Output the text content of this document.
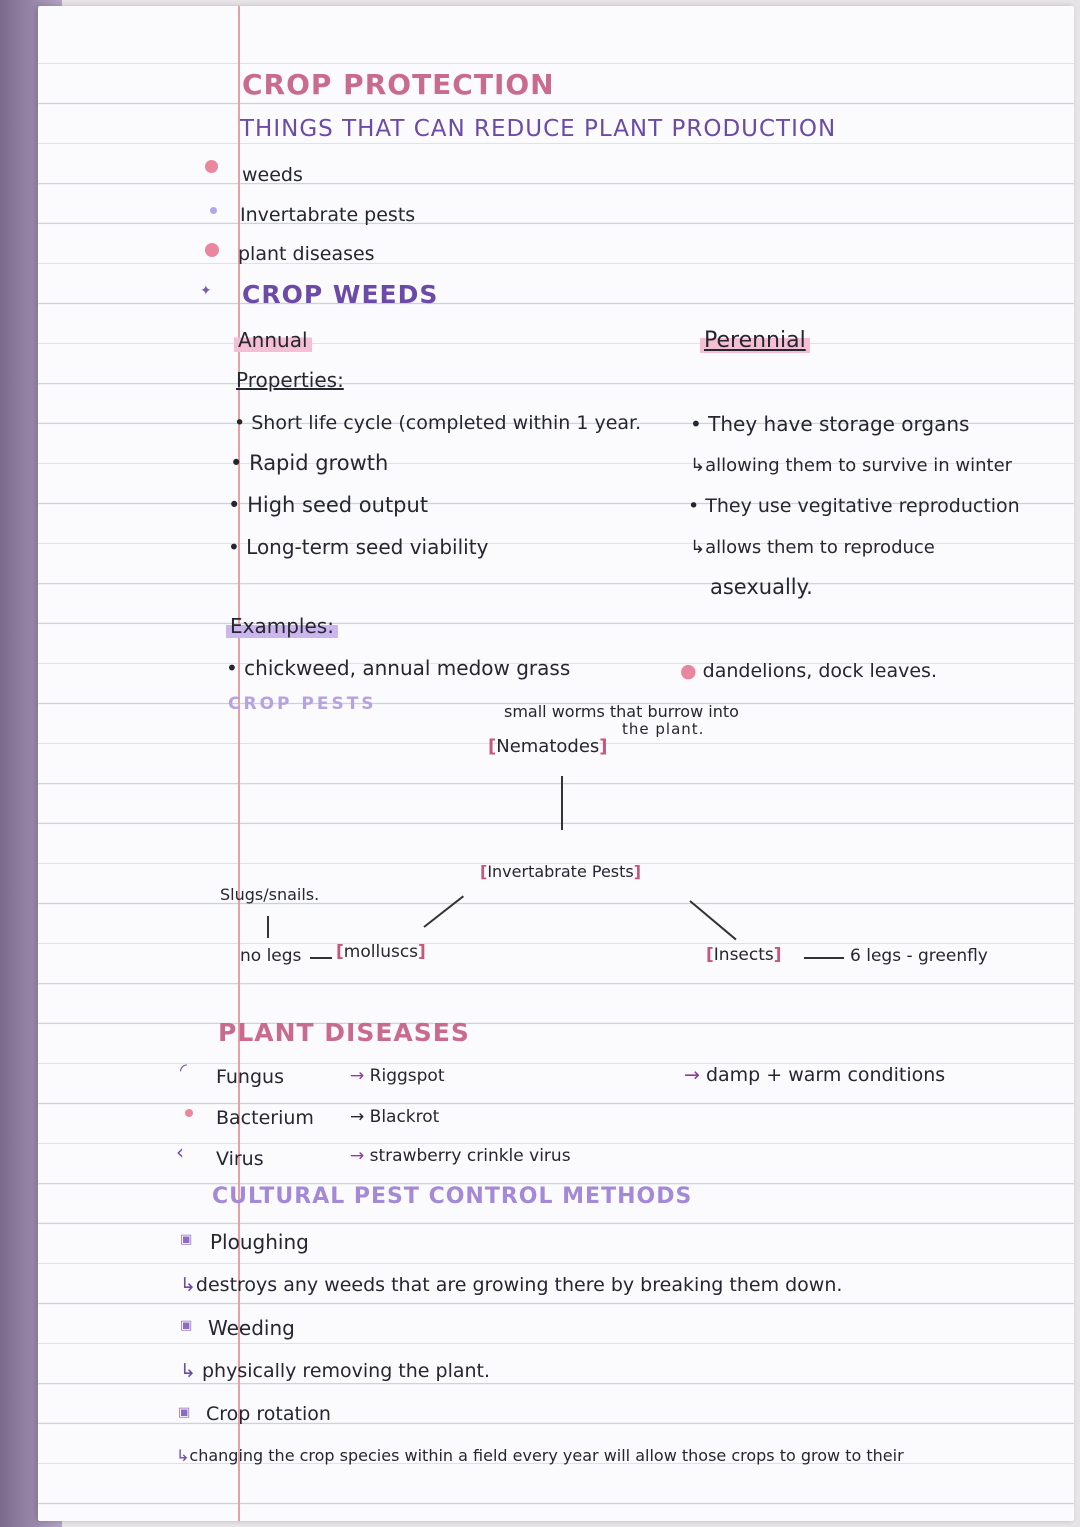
CROP PROTECTION
THINGS THAT CAN REDUCE PLANT PRODUCTION
weeds
Invertabrate pests
plant diseases
✦ CROP WEEDS
Annual	Perennial
Properties:
• Short life cycle (completed within 1 year.
• Rapid growth
• High seed output
• Long-term seed viability
• They have storage organs
↳allowing them to survive in winter
• They use vegitative reproduction
↳allows them to reproduce
asexually.
Examples:
• chickweed, annual medow grass	● dandelions, dock leaves.
CROP PESTS	small worms that burrow into
the plant.
[Nematodes]
[Invertabrate Pests]
Slugs/snails.
no legs [molluscs]	[Insects]	6 legs - greenfly
PLANT DISEASES
◜ Fungus	→ Riggspot	→ damp + warm conditions
Bacterium → Blackrot
‹ Virus	→ strawberry crinkle virus
CULTURAL PEST CONTROL METHODS
▣ Ploughing
↳destroys any weeds that are growing there by breaking them down.
▣ Weeding
↳ physically removing the plant.
▣ Crop rotation
↳changing the crop species within a field every year will allow those crops to grow to their
